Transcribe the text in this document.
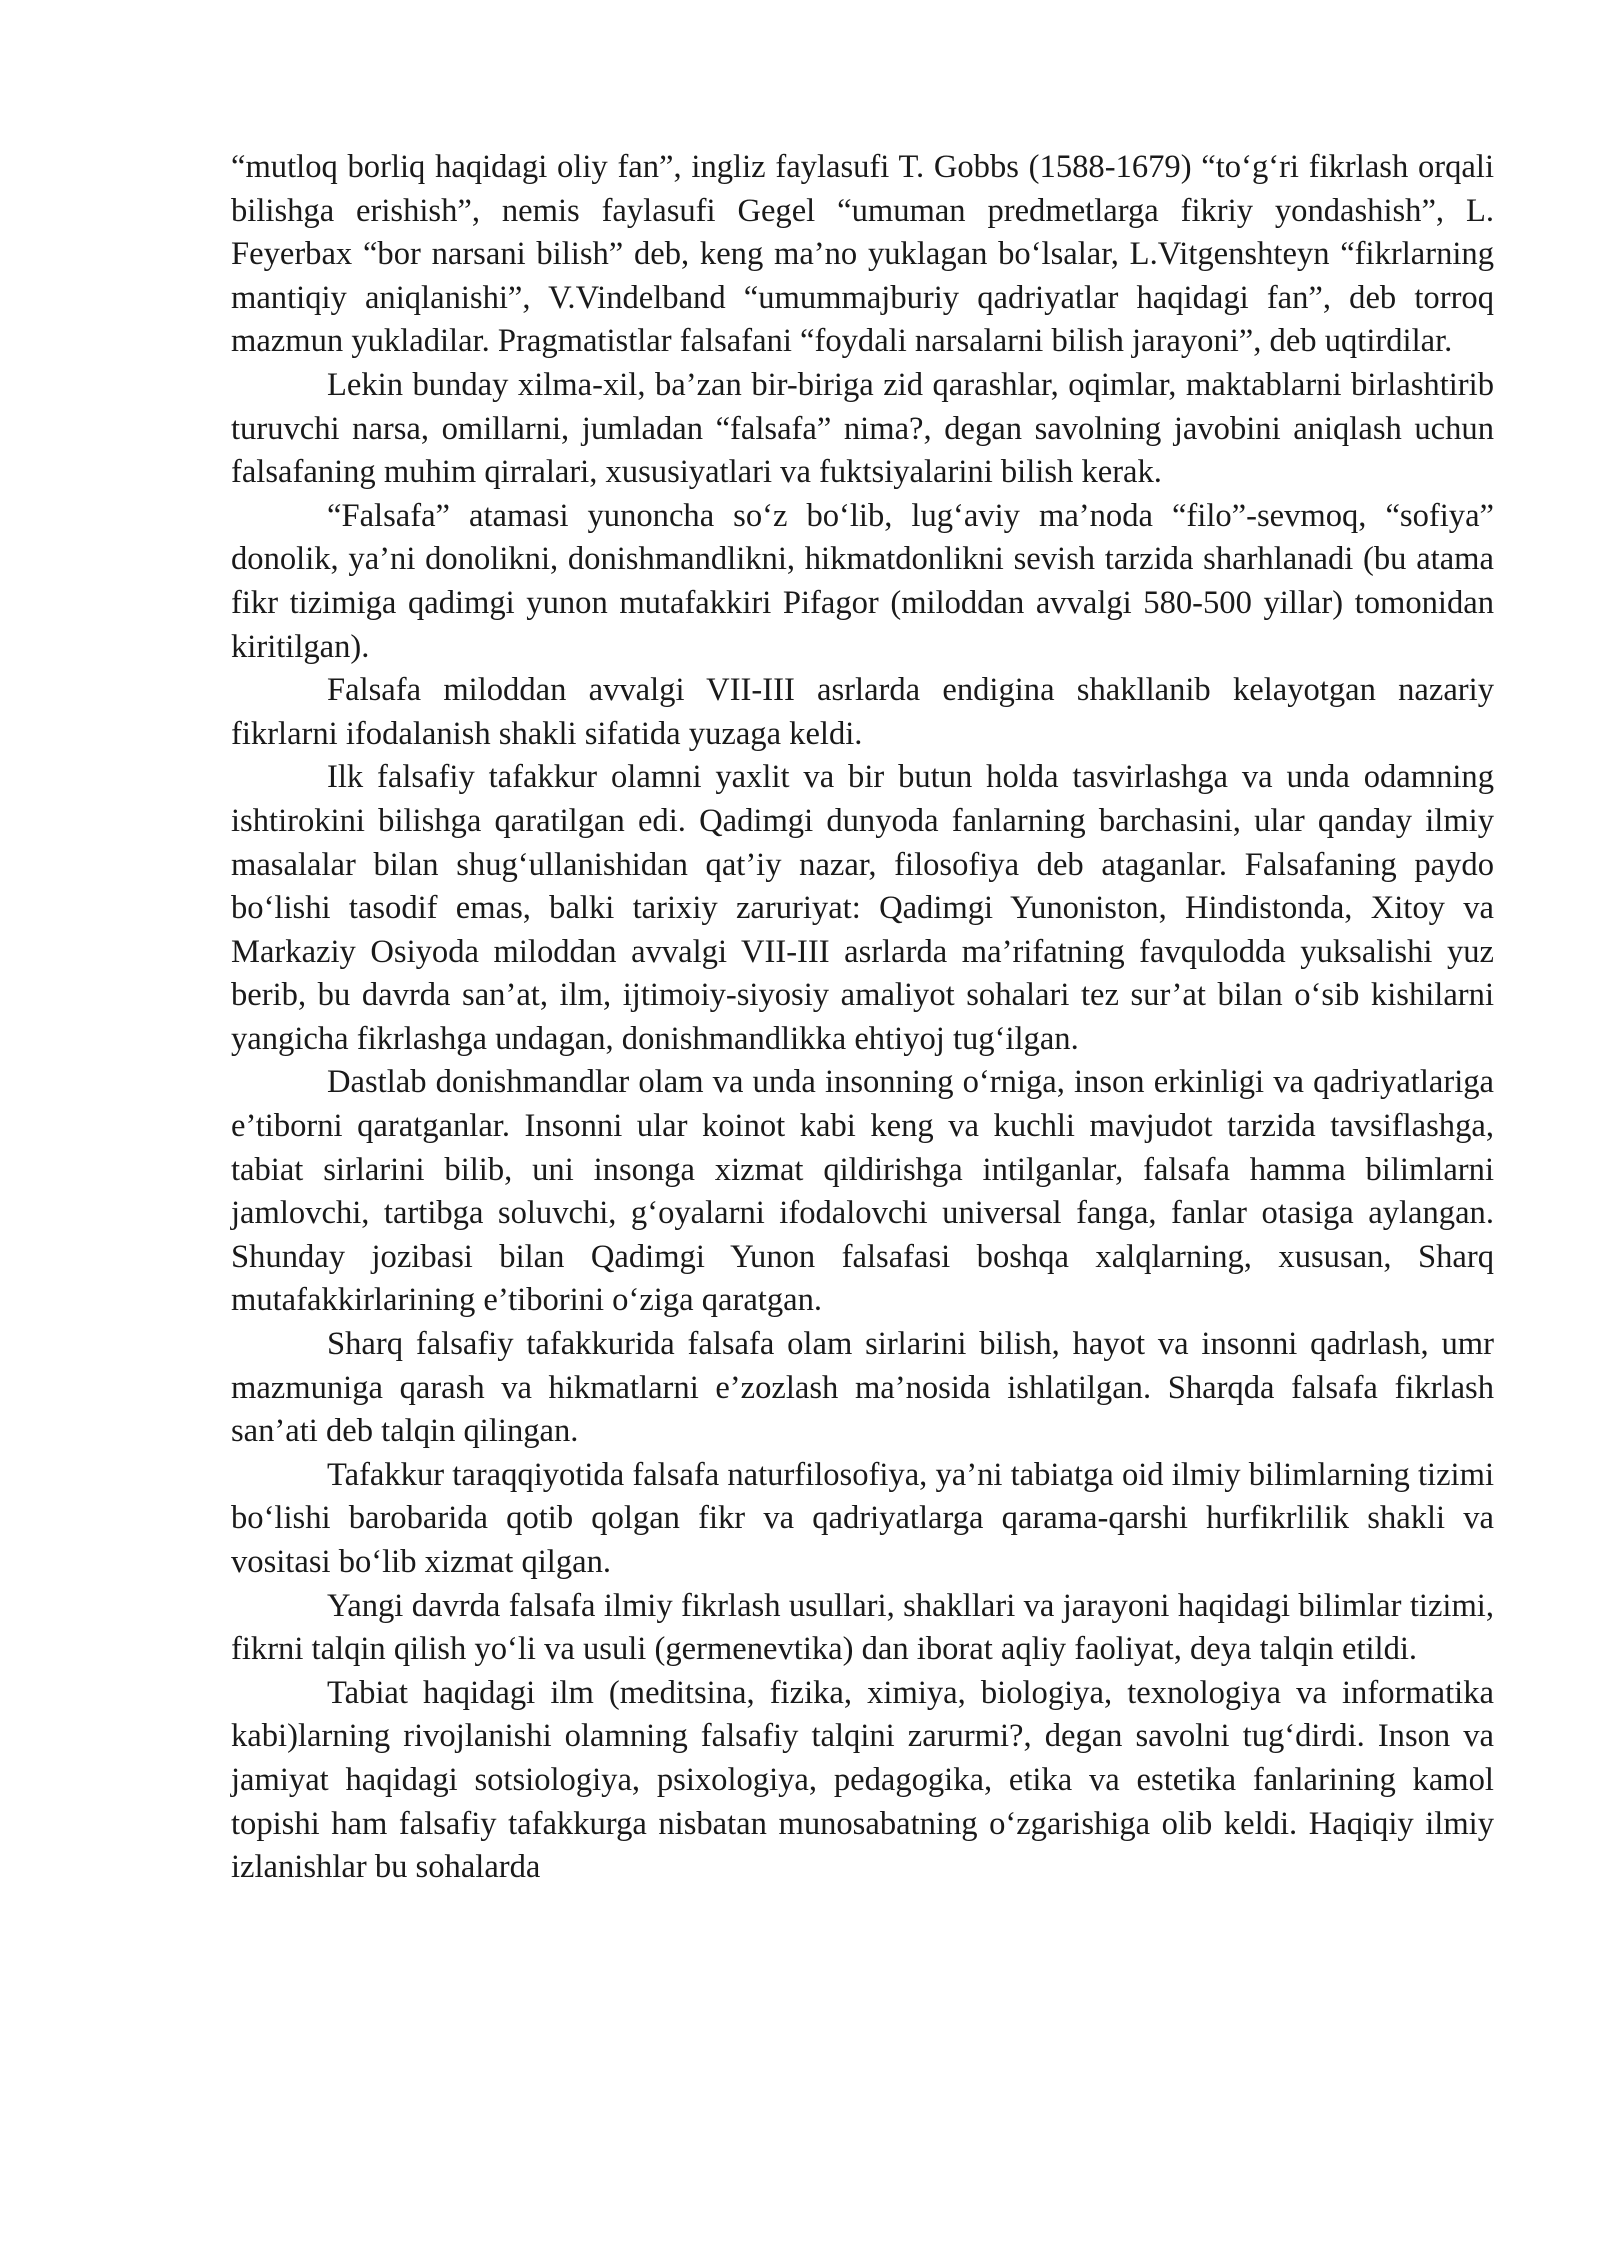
“mutloq borliq haqidagi oliy fan”, ingliz faylasufi T. Gobbs (1588-1679) “to‘g‘ri fikrlash orqali bilishga erishish”, nemis faylasufi Gegel “umuman predmetlarga fikriy yondashish”, L. Feyerbax “bor narsani bilish” deb, keng ma’no yuklagan bo‘lsalar, L.Vitgenshteyn “fikrlarning mantiqiy aniqlanishi”, V.Vindelband “umummajburiy qadriyatlar haqidagi fan”, deb torroq mazmun yukladilar. Pragmatistlar falsafani “foydali narsalarni bilish jarayoni”, deb uqtirdilar.

Lekin bunday xilma-xil, ba’zan bir-biriga zid qarashlar, oqimlar, maktablarni birlashtirib turuvchi narsa, omillarni, jumladan “falsafa” nima?, degan savolning javobini aniqlash uchun falsafaning muhim qirralari, xususiyatlari va fuktsiyalarini bilish kerak.

“Falsafa” atamasi yunoncha so‘z bo‘lib, lug‘aviy ma’noda “filo”-sevmoq, “sofiya” donolik, ya’ni donolikni, donishmandlikni, hikmatdonlikni sevish tarzida sharhlanadi (bu atama fikr tizimiga qadimgi yunon mutafakkiri Pifagor (miloddan avvalgi 580-500 yillar) tomonidan kiritilgan).

Falsafa miloddan avvalgi VII-III asrlarda endigina shakllanib kelayotgan nazariy fikrlarni ifodalanish shakli sifatida yuzaga keldi.

Ilk falsafiy tafakkur olamni yaxlit va bir butun holda tasvirlashga va unda odamning ishtirokini bilishga qaratilgan edi. Qadimgi dunyoda fanlarning barchasini, ular qanday ilmiy masalalar bilan shug‘ullanishidan qat’iy nazar, filosofiya deb ataganlar. Falsafaning paydo bo‘lishi tasodif emas, balki tarixiy zaruriyat: Qadimgi Yunoniston, Hindistonda, Xitoy va Markaziy Osiyoda miloddan avvalgi VII-III asrlarda ma’rifatning favqulodda yuksalishi yuz berib, bu davrda san’at, ilm, ijtimoiy-siyosiy amaliyot sohalari tez sur’at bilan o‘sib kishilarni yangicha fikrlashga undagan, donishmandlikka ehtiyoj tug‘ilgan.

Dastlab donishmandlar olam va unda insonning o‘rniga, inson erkinligi va qadriyatlariga e’tiborni qaratganlar. Insonni ular koinot kabi keng va kuchli mavjudot tarzida tavsiflashga, tabiat sirlarini bilib, uni insonga xizmat qildirishga intilganlar, falsafa hamma bilimlarni jamlovchi, tartibga soluvchi, g‘oyalarni ifodalovchi universal fanga, fanlar otasiga aylangan. Shunday jozibasi bilan Qadimgi Yunon falsafasi boshqa xalqlarning, xususan, Sharq mutafakkirlarining e’tiborini o‘ziga qaratgan.

Sharq falsafiy tafakkurida falsafa olam sirlarini bilish, hayot va insonni qadrlash, umr mazmuniga qarash va hikmatlarni e’zozlash ma’nosida ishlatilgan. Sharqda falsafa fikrlash san’ati deb talqin qilingan.

Tafakkur taraqqiyotida falsafa naturfilosofiya, ya’ni tabiatga oid ilmiy bilimlarning tizimi bo‘lishi barobarida qotib qolgan fikr va qadriyatlarga qarama-qarshi hurfikrlilik shakli va vositasi bo‘lib xizmat qilgan.

Yangi davrda falsafa ilmiy fikrlash usullari, shakllari va jarayoni haqidagi bilimlar tizimi, fikrni talqin qilish yo‘li va usuli (germenevtika) dan iborat aqliy faoliyat, deya talqin etildi.

Tabiat haqidagi ilm (meditsina, fizika, ximiya, biologiya, texnologiya va informatika kabi)larning rivojlanishi olamning falsafiy talqini zarurmi?, degan savolni tug‘dirdi. Inson va jamiyat haqidagi sotsiologiya, psixologiya, pedagogika, etika va estetika fanlarining kamol topishi ham falsafiy tafakkurga nisbatan munosabatning o‘zgarishiga olib keldi. Haqiqiy ilmiy izlanishlar bu sohalarda
